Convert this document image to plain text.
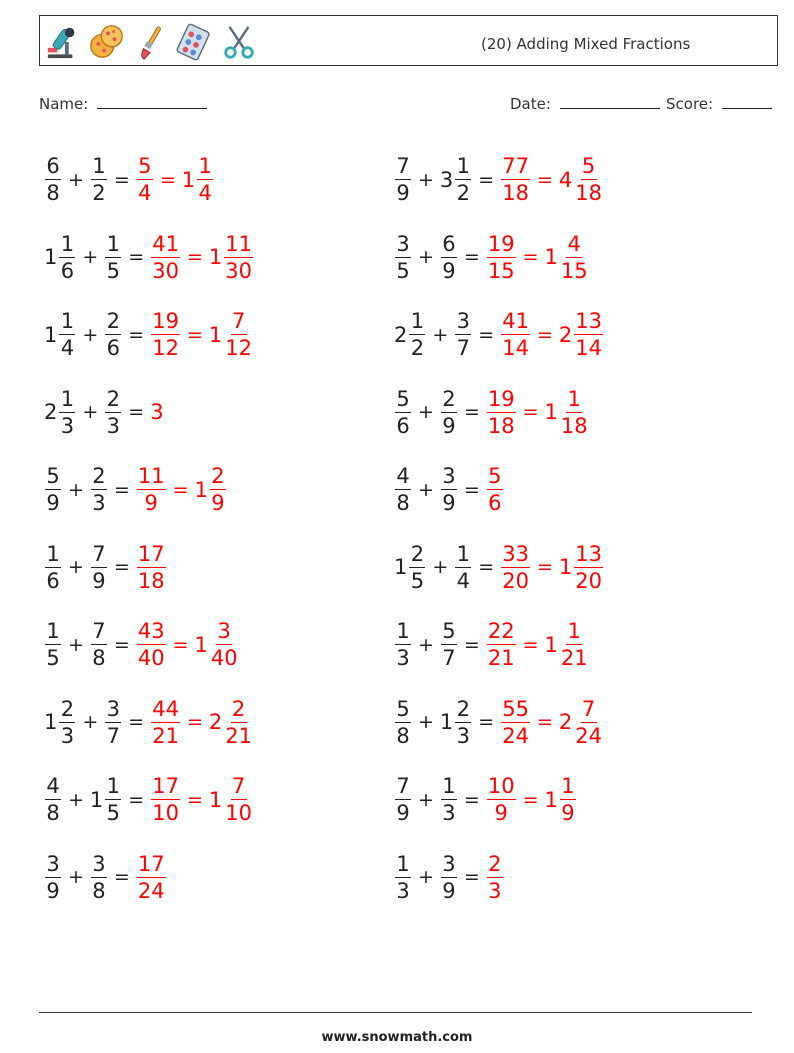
(20) Adding Mixed Fractions
Name:	Date:	Score:
$\frac{6}{8} + \frac{1}{2} = \frac{5}{4} = 1 \frac{1}{4}$
$1 \frac{1}{6} + \frac{1}{5} = \frac{41}{30} = 1 \frac{11}{30}$
$1 \frac{1}{4} + \frac{2}{6} = \frac{19}{12} = 1 \frac{7}{12}$
$2 \frac{1}{3} + \frac{2}{3} = 3$
$\frac{5}{9} + \frac{2}{3} = \frac{11}{9} = 1 \frac{2}{9}$
$\frac{1}{6} + \frac{7}{9} = \frac{17}{18}$
$\frac{1}{5} + \frac{7}{8} = \frac{43}{40} = 1 \frac{3}{40}$
$1 \frac{2}{3} + \frac{3}{7} = \frac{44}{21} = 2 \frac{2}{21}$
$\frac{4}{8} + 1 \frac{1}{5} = \frac{17}{10} = 1 \frac{7}{10}$
$\frac{3}{9} + \frac{3}{8} = \frac{17}{24}$
$\frac{7}{9} + 3 \frac{1}{2} = \frac{77}{18} = 4 \frac{5}{18}$
$\frac{3}{5} + \frac{6}{9} = \frac{19}{15} = 1 \frac{4}{15}$
$2 \frac{1}{2} + \frac{3}{7} = \frac{41}{14} = 2 \frac{13}{14}$
$\frac{5}{6} + \frac{2}{9} = \frac{19}{18} = 1 \frac{1}{18}$
$\frac{4}{8} + \frac{3}{9} = \frac{5}{6}$
$1 \frac{2}{5} + \frac{1}{4} = \frac{33}{20} = 1 \frac{13}{20}$
$\frac{1}{3} + \frac{5}{7} = \frac{22}{21} = 1 \frac{1}{21}$
$\frac{5}{8} + 1 \frac{2}{3} = \frac{55}{24} = 2 \frac{7}{24}$
$\frac{7}{9} + \frac{1}{3} = \frac{10}{9} = 1 \frac{1}{9}$
$\frac{1}{3} + \frac{3}{9} = \frac{2}{3}$
www.snowmath.com
